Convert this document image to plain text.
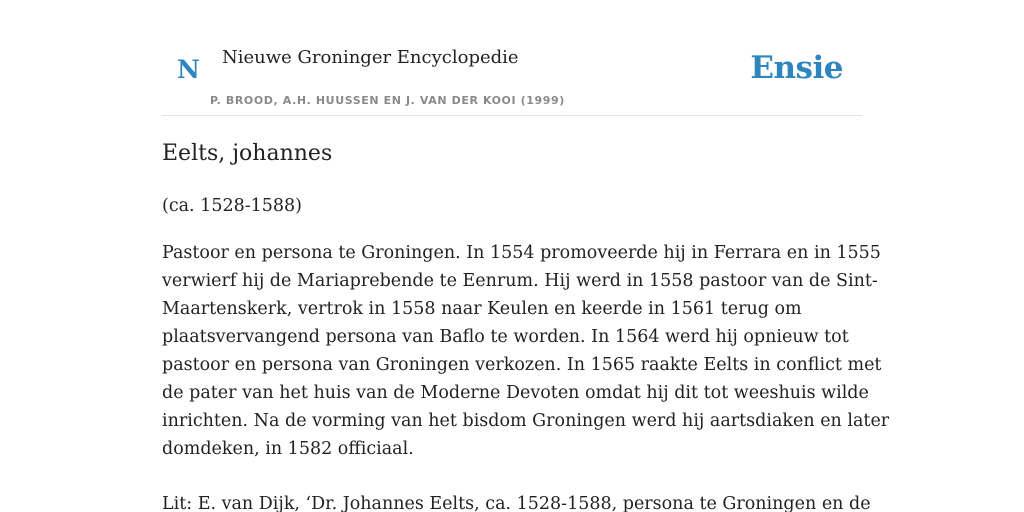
N Nieuwe Groninger Encyclopedie
P. BROOD, A.H. HUUSSEN EN J. VAN DER KOOI (1999)
Ensie
Eelts, johannes

(ca. 1528-1588)

Pastoor en persona te Groningen. In 1554 promoveerde hij in Ferrara en in 1555
verwierf hij de Mariaprebende te Eenrum. Hij werd in 1558 pastoor van de Sint-
Maartenskerk, vertrok in 1558 naar Keulen en keerde in 1561 terug om
plaatsvervangend persona van Baflo te worden. In 1564 werd hij opnieuw tot
pastoor en persona van Groningen verkozen. In 1565 raakte Eelts in conflict met
de pater van het huis van de Moderne Devoten omdat hij dit tot weeshuis wilde
inrichten. Na de vorming van het bisdom Groningen werd hij aartsdiaken en later
domdeken, in 1582 officiaal.
Lit: E. van Dijk, ‘Dr. Johannes Eelts, ca. 1528-1588, persona te Groningen en de
